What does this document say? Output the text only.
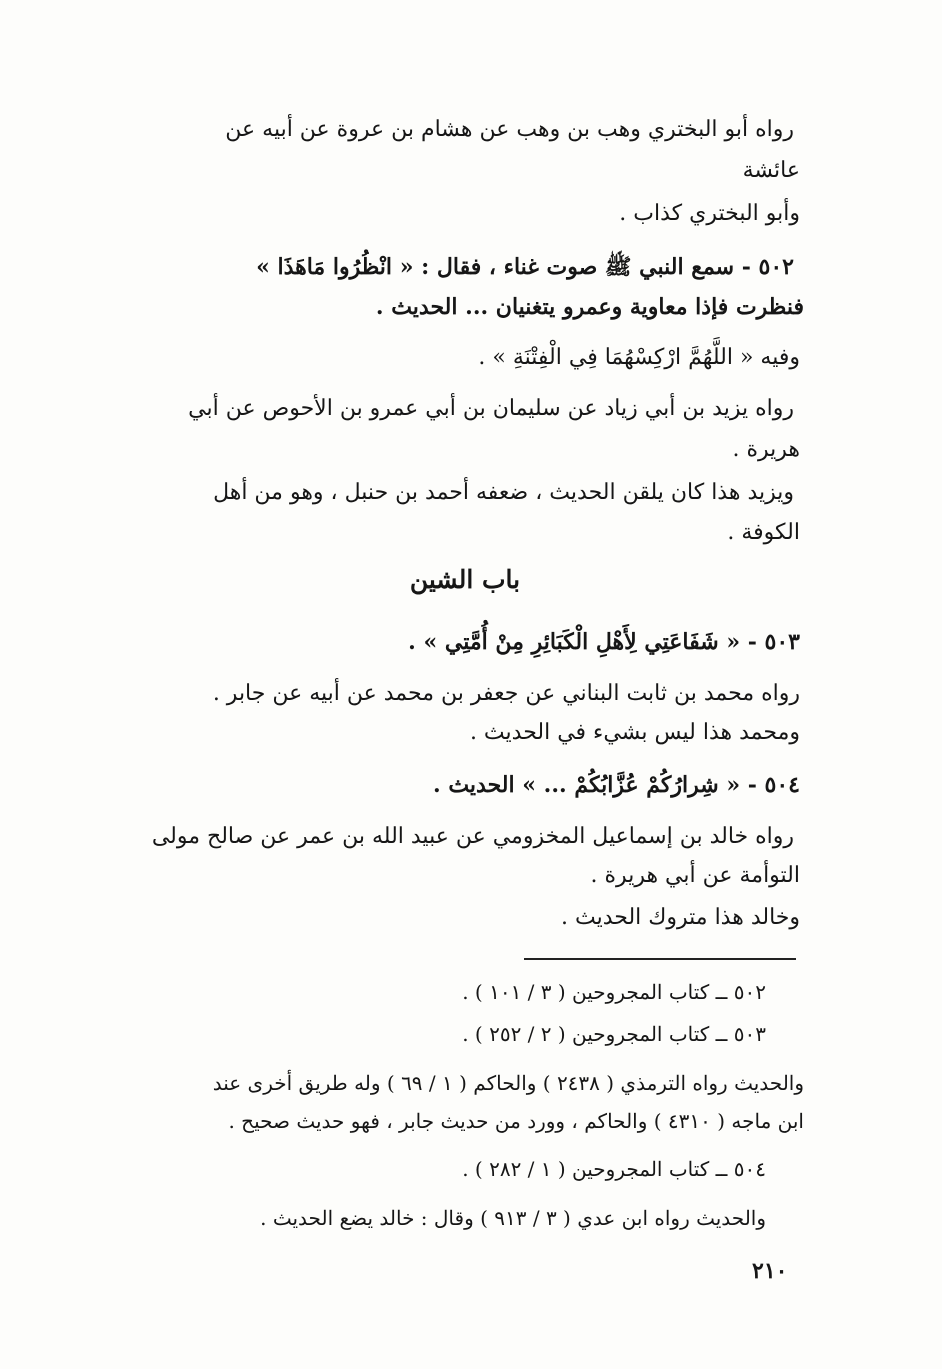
رواه أبو البختري وهب بن وهب عن هشام بن عروة عن أبيه عن
عائشة
وأبو البختري كذاب .
٥٠٢ - سمع النبي ﷺ صوت غناء ، فقال : « انْظُرُوا مَاهَذَا »
فنظرت فإذا معاوية وعمرو يتغنيان ... الحديث .
وفيه « اللَّهُمَّ ارْكِسْهُمَا فِي الْفِتْنَةِ » .
رواه يزيد بن أبي زياد عن سليمان بن أبي عمرو بن الأحوص عن أبي
هريرة .
ويزيد هذا كان يلقن الحديث ، ضعفه أحمد بن حنبل ، وهو من أهل
الكوفة .
باب الشين
٥٠٣ - « شَفَاعَتِي لِأَهْلِ الْكَبَائِرِ مِنْ أُمَّتِي » .
رواه محمد بن ثابت البناني عن جعفر بن محمد عن أبيه عن جابر .
ومحمد هذا ليس بشيء في الحديث .
٥٠٤ - « شِرارُكُمْ عُزَّابُكُمْ ... » الحديث .
رواه خالد بن إسماعيل المخزومي عن عبيد الله بن عمر عن صالح مولى
التوأمة عن أبي هريرة .
وخالد هذا متروك الحديث .
٥٠٢ ــ كتاب المجروحين ( ٣ / ١٠١ ) .
٥٠٣ ــ كتاب المجروحين ( ٢ / ٢٥٢ ) .
والحديث رواه الترمذي ( ٢٤٣٨ ) والحاكم ( ١ / ٦٩ ) وله طريق أخرى عند
ابن ماجه ( ٤٣١٠ ) والحاكم ، وورد من حديث جابر ، فهو حديث صحيح .
٥٠٤ ــ كتاب المجروحين ( ١ / ٢٨٢ ) .
والحديث رواه ابن عدي ( ٣ / ٩١٣ ) وقال : خالد يضع الحديث .
٢١٠
